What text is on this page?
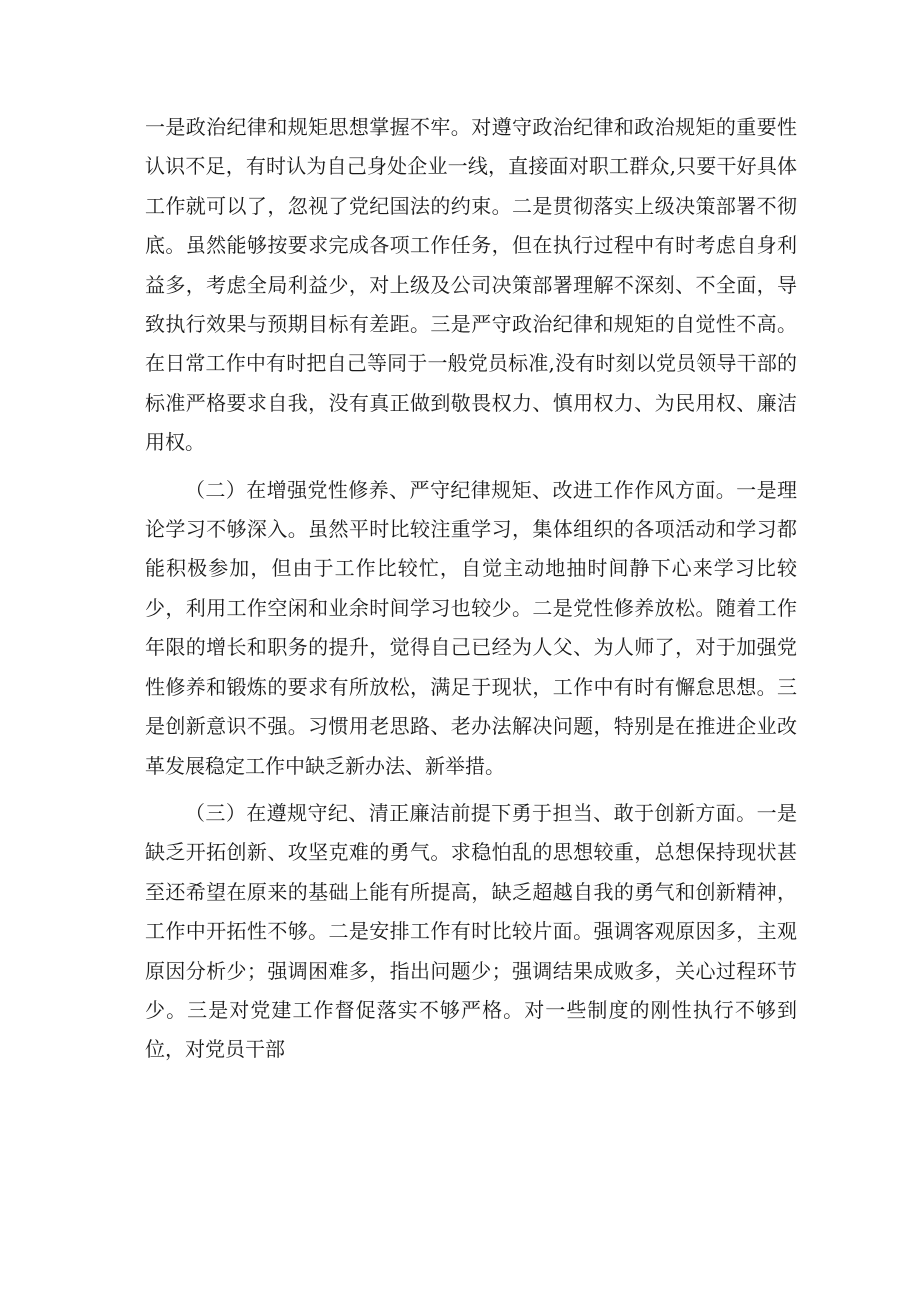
一是政治纪律和规矩思想掌握不牢。对遵守政治纪律和政治规矩的重要性认识不足，有时认为自己身处企业一线，直接面对职工群众,只要干好具体工作就可以了，忽视了党纪国法的约束。二是贯彻落实上级决策部署不彻底。虽然能够按要求完成各项工作任务，但在执行过程中有时考虑自身利益多，考虑全局利益少，对上级及公司决策部署理解不深刻、不全面，导致执行效果与预期目标有差距。三是严守政治纪律和规矩的自觉性不高。在日常工作中有时把自己等同于一般党员标准,没有时刻以党员领导干部的标准严格要求自我，没有真正做到敬畏权力、慎用权力、为民用权、廉洁用权。

（二）在增强党性修养、严守纪律规矩、改进工作作风方面。一是理论学习不够深入。虽然平时比较注重学习，集体组织的各项活动和学习都能积极参加，但由于工作比较忙，自觉主动地抽时间静下心来学习比较少，利用工作空闲和业余时间学习也较少。二是党性修养放松。随着工作年限的增长和职务的提升，觉得自己已经为人父、为人师了，对于加强党性修养和锻炼的要求有所放松，满足于现状，工作中有时有懈怠思想。三是创新意识不强。习惯用老思路、老办法解决问题，特别是在推进企业改革发展稳定工作中缺乏新办法、新举措。

（三）在遵规守纪、清正廉洁前提下勇于担当、敢于创新方面。一是缺乏开拓创新、攻坚克难的勇气。求稳怕乱的思想较重，总想保持现状甚至还希望在原来的基础上能有所提高，缺乏超越自我的勇气和创新精神，工作中开拓性不够。二是安排工作有时比较片面。强调客观原因多，主观原因分析少；强调困难多，指出问题少；强调结果成败多，关心过程环节少。三是对党建工作督促落实不够严格。对一些制度的刚性执行不够到位，对党员干部
